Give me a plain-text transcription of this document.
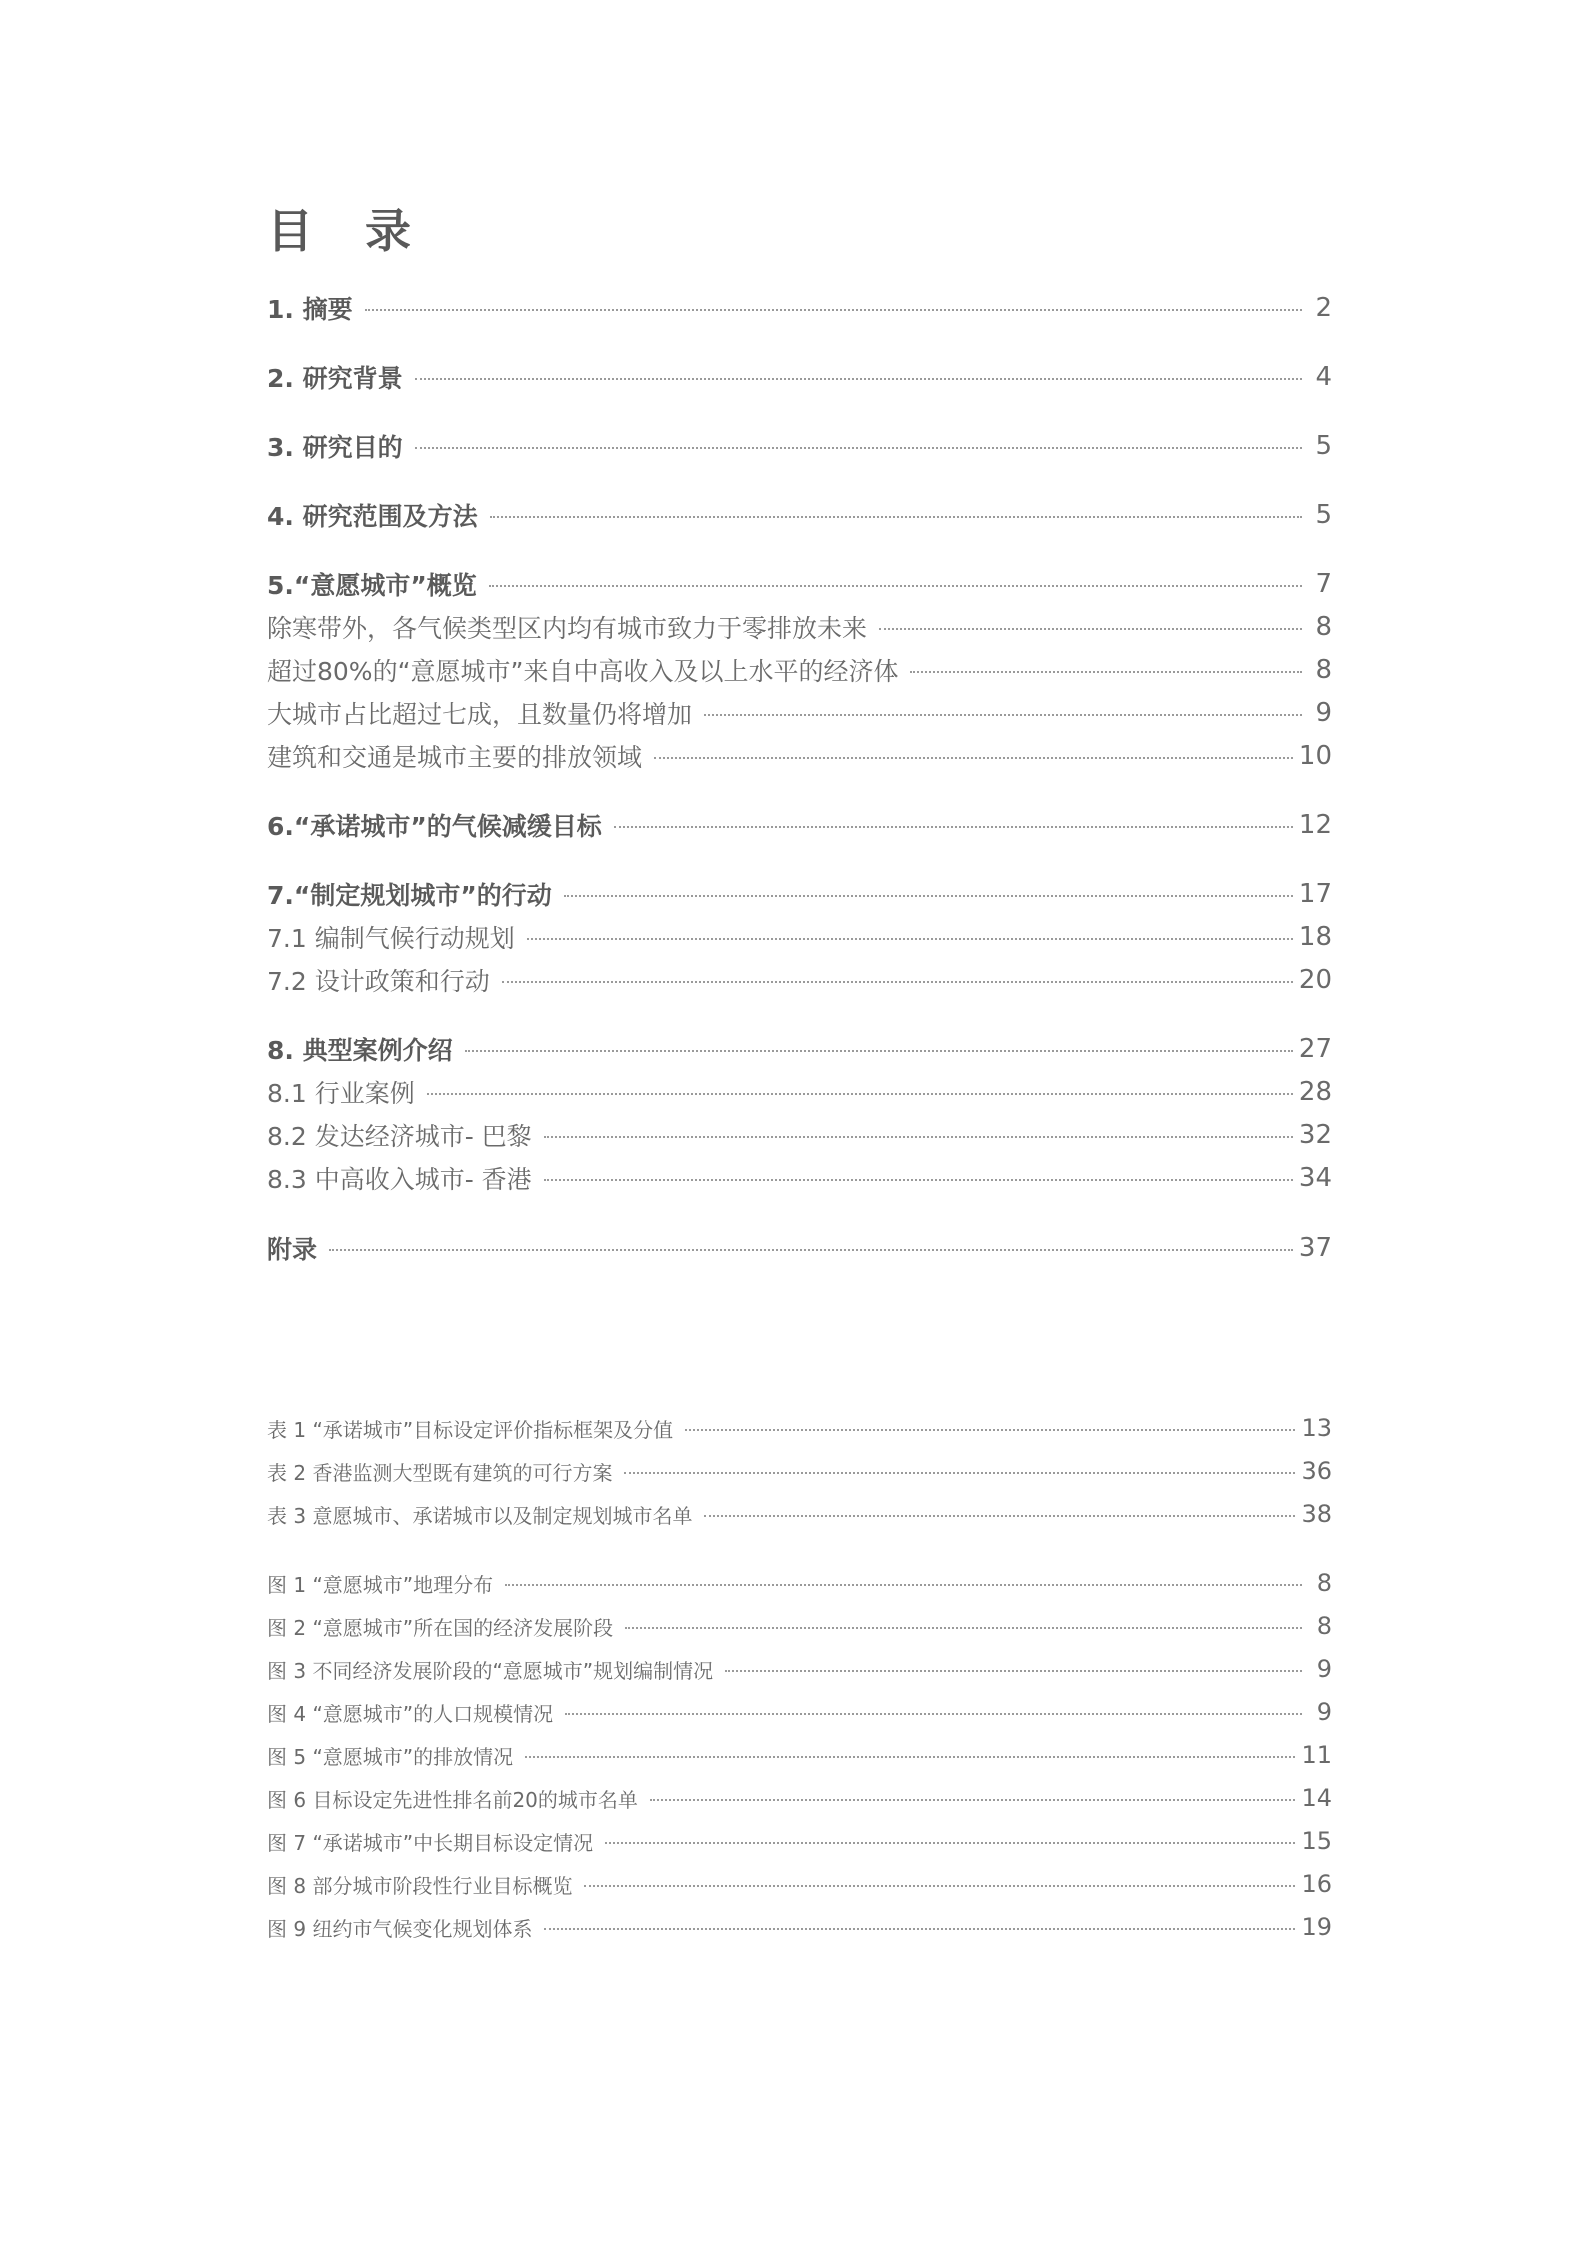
目 录
1. 摘要	2
2. 研究背景	4
3. 研究目的	5
4. 研究范围及方法	5
5.“意愿城市”概览	7
除寒带外，各气候类型区内均有城市致力于零排放未来	8
超过80%的“意愿城市”来自中高收入及以上水平的经济体	8
大城市占比超过七成，且数量仍将增加	9
建筑和交通是城市主要的排放领域	10
6.“承诺城市”的气候减缓目标	12
7.“制定规划城市”的行动	17
7.1 编制气候行动规划	18
7.2 设计政策和行动	20
8. 典型案例介绍	27
8.1 行业案例	28
8.2 发达经济城市- 巴黎	32
8.3 中高收入城市- 香港	34
附录	37
表 1 “承诺城市”目标设定评价指标框架及分值	13
表 2 香港监测大型既有建筑的可行方案	36
表 3 意愿城市、承诺城市以及制定规划城市名单	38
图 1 “意愿城市”地理分布	8
图 2 “意愿城市”所在国的经济发展阶段	8
图 3 不同经济发展阶段的“意愿城市”规划编制情况	9
图 4 “意愿城市”的人口规模情况	9
图 5 “意愿城市”的排放情况	11
图 6 目标设定先进性排名前20的城市名单	14
图 7 “承诺城市”中长期目标设定情况	15
图 8 部分城市阶段性行业目标概览	16
图 9 纽约市气候变化规划体系	19
